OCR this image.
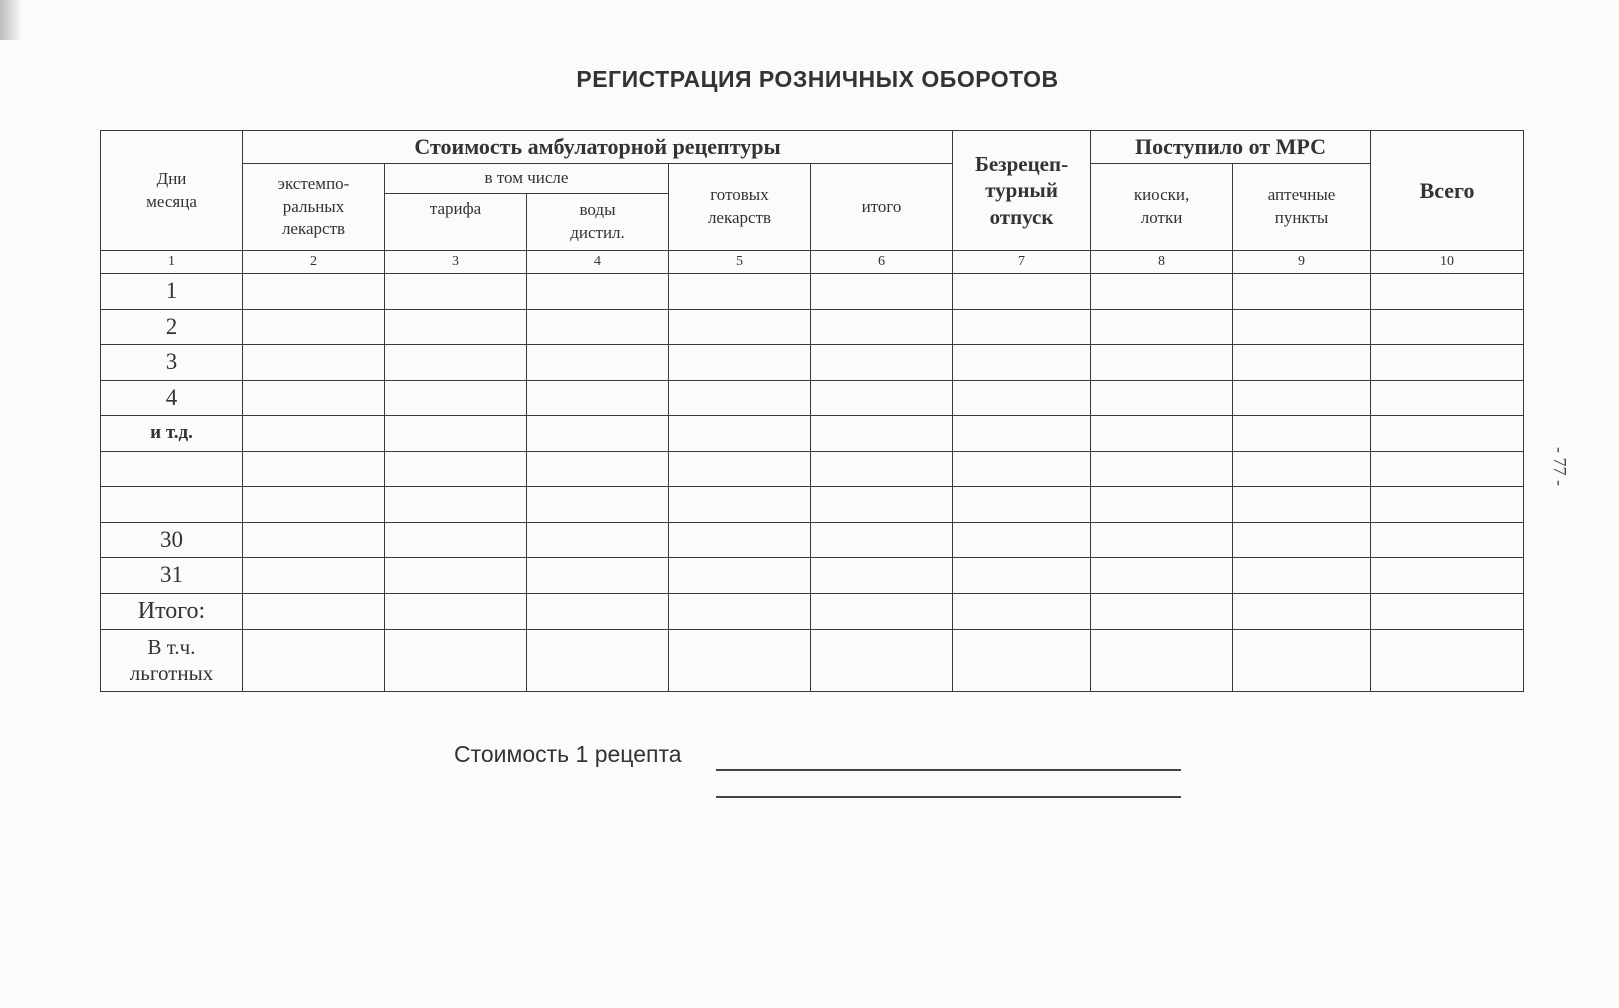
РЕГИСТРАЦИЯ РОЗНИЧНЫХ ОБОРОТОВ
Дни месяца	Стоимость амбулаторной рецептуры					Безрецеп-турный отпуск	Поступило от МРС		Всего
	экстемпо-ральных лекарств	в том числе		готовых лекарств	итого		киоски, лотки	аптечные пункты	
		тарифа	воды дистил.						
1	2	3	4	5	6	7	8	9	10
1									
2									
3									
4									
и т.д.									

30									
31									
Итого:									
В т.ч. льготных									
- 77 -
Стоимость 1 рецепта
